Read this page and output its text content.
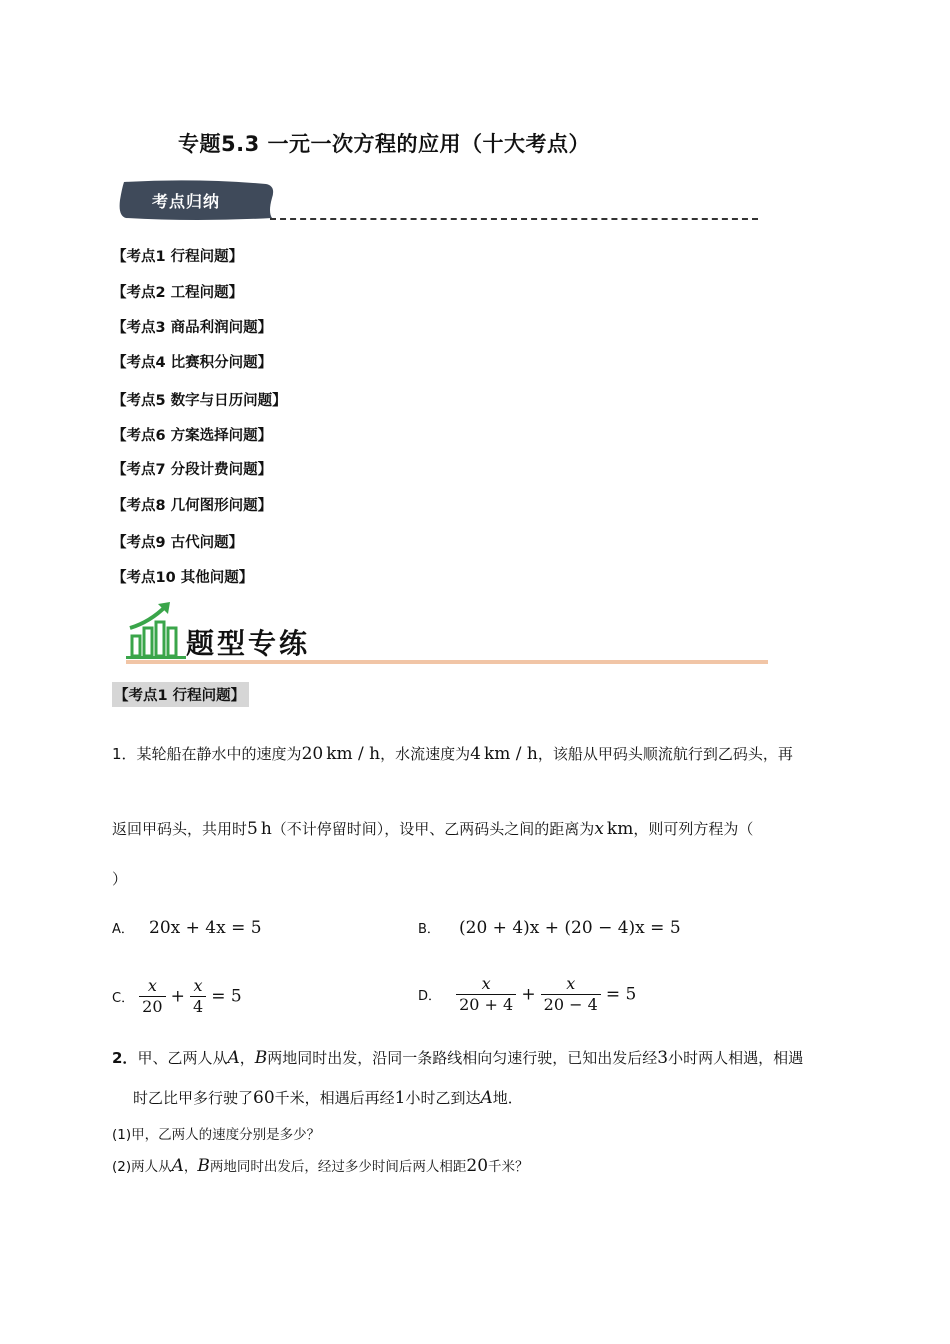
专题5.3 一元一次方程的应用（十大考点）
考点归纳
【考点1 行程问题】
【考点2 工程问题】
【考点3 商品利润问题】
【考点4 比赛积分问题】
【考点5 数字与日历问题】
【考点6 方案选择问题】
【考点7 分段计费问题】
【考点8 几何图形问题】
【考点9 古代问题】
【考点10 其他问题】
题型专练
【考点1 行程问题】
1．某轮船在静水中的速度为20 km / h，水流速度为4 km / h，该船从甲码头顺流航行到乙码头，再
返回甲码头，共用时5 h（不计停留时间），设甲、乙两码头之间的距离为x km，则可列方程为（
）
A． 20x + 4x = 5	B． (20 + 4)x + (20 − 4)x = 5
C． $\frac{x}{20} + \frac{x}{4} = 5$	D． $\frac{x}{20 + 4} + \frac{x}{20 - 4} = 5$
2．甲、乙两人从A，B两地同时出发，沿同一条路线相向匀速行驶，已知出发后经3小时两人相遇，相遇
时乙比甲多行驶了60千米，相遇后再经1小时乙到达A地．
(1)甲，乙两人的速度分别是多少？
(2)两人从A，B两地同时出发后，经过多少时间后两人相距20千米？
